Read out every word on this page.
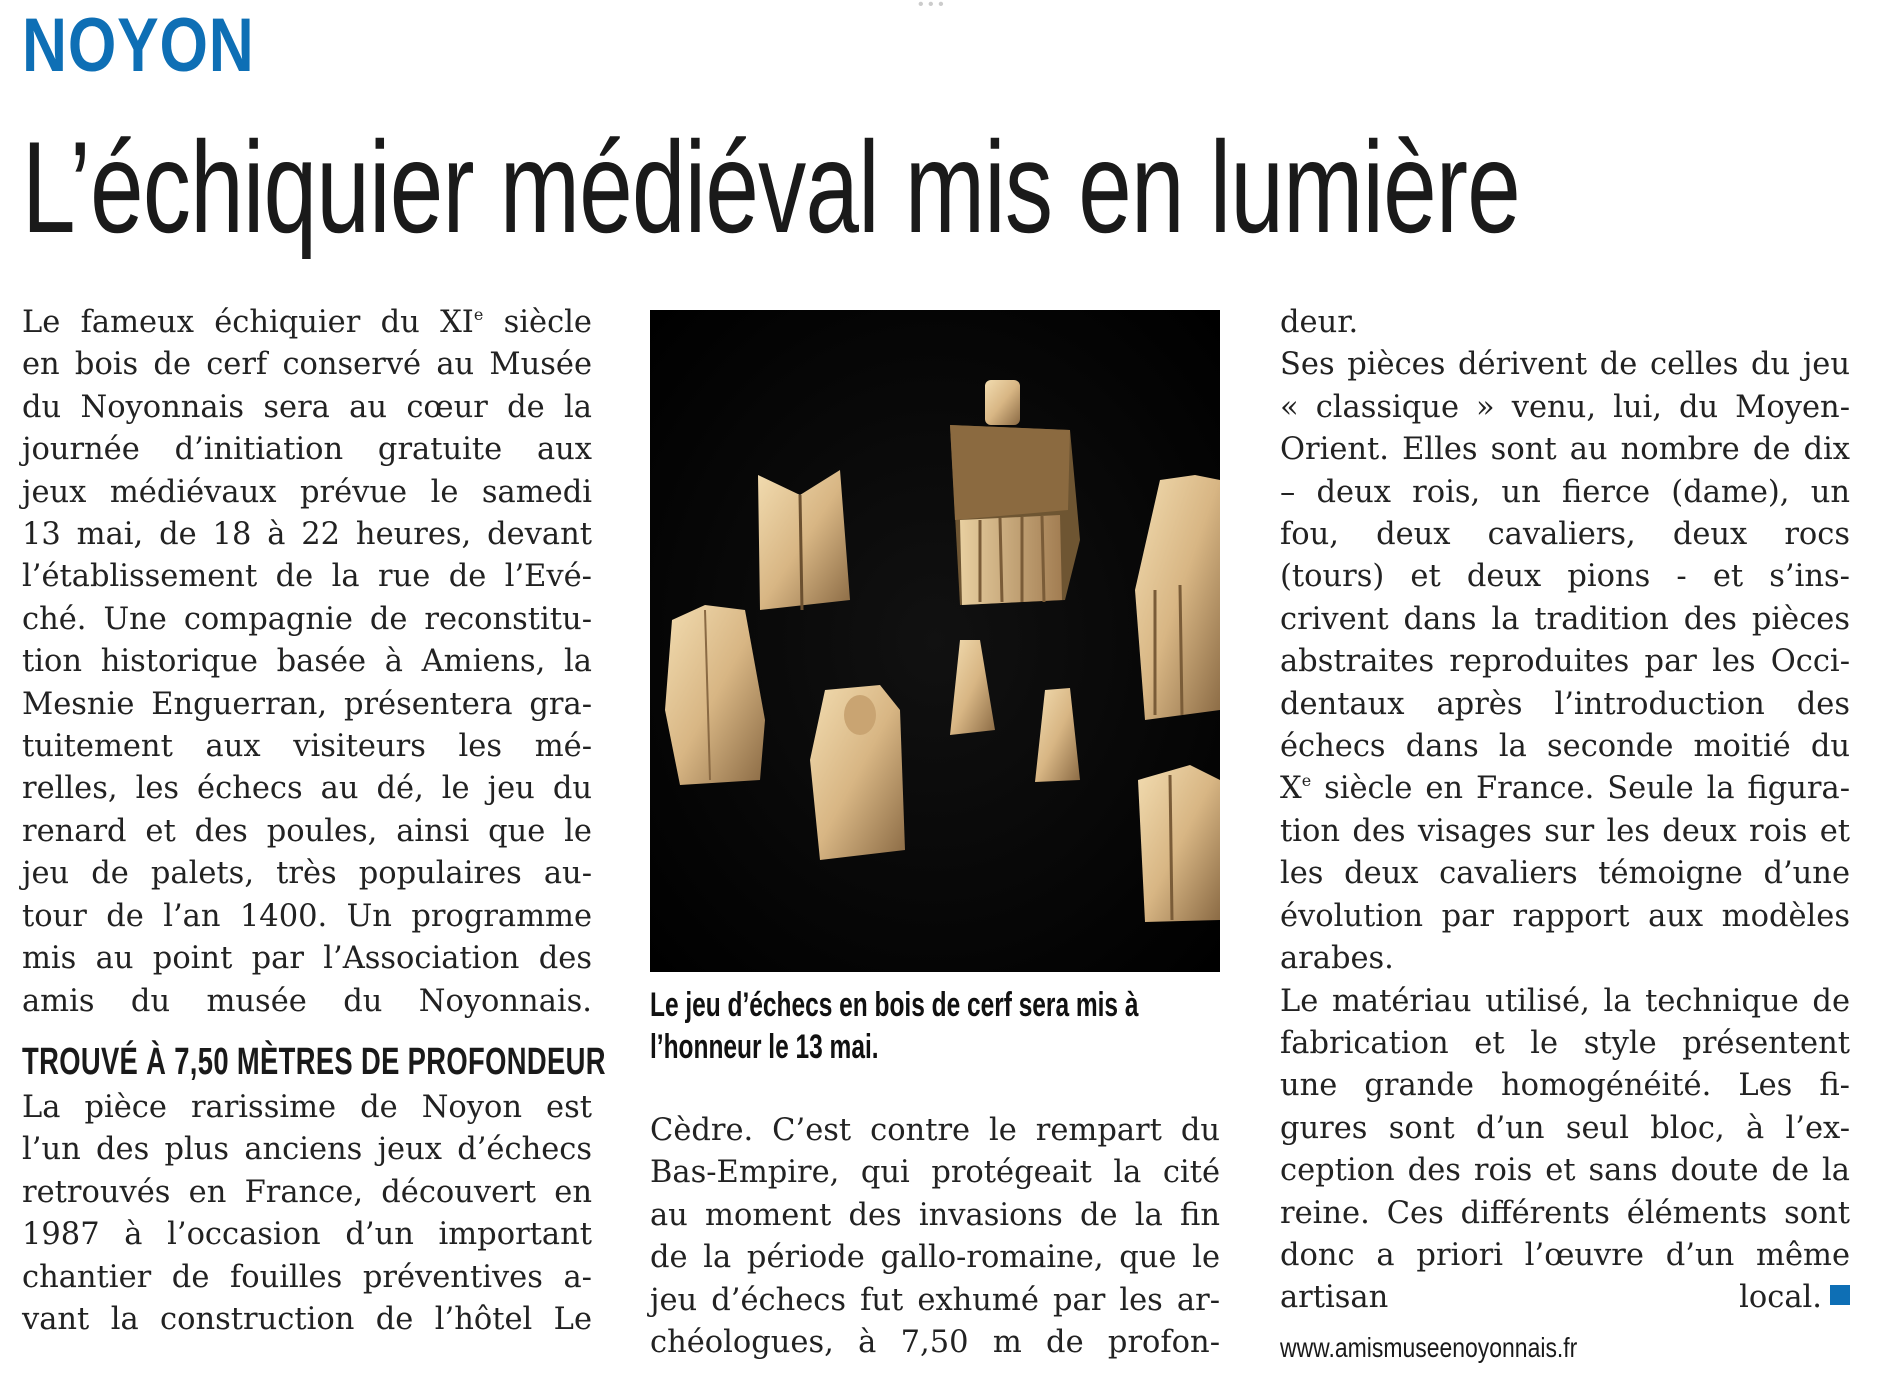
• • •
NOYON
L’échiquier médiéval mis en lumière

Le fameux échiquier du XIe siècle
en bois de cerf conservé au Musée
du Noyonnais sera au cœur de la
journée d’initiation gratuite aux
jeux médiévaux prévue le samedi
13 mai, de 18 à 22 heures, devant
l’établissement de la rue de l’Evé-
ché. Une compagnie de reconstitu-
tion historique basée à Amiens, la
Mesnie Enguerran, présentera gra-
tuitement aux visiteurs les mé-
relles, les échecs au dé, le jeu du
renard et des poules, ainsi que le
jeu de palets, très populaires au-
tour de l’an 1400. Un programme
mis au point par l’Association des
amis du musée du Noyonnais.

TROUVÉ À 7,50 MÈTRES DE PROFONDEUR

La pièce rarissime de Noyon est
l’un des plus anciens jeux d’échecs
retrouvés en France, découvert en
1987 à l’occasion d’un important
chantier de fouilles préventives a-
vant la construction de l’hôtel Le

Le jeu d’échecs en bois de cerf sera mis à
l’honneur le 13 mai.

Cèdre. C’est contre le rempart du
Bas-Empire, qui protégeait la cité
au moment des invasions de la fin
de la période gallo-romaine, que le
jeu d’échecs fut exhumé par les ar-
chéologues, à 7,50 m de profon-

deur.

Ses pièces dérivent de celles du jeu
« classique » venu, lui, du Moyen-
Orient. Elles sont au nombre de dix
– deux rois, un fierce (dame), un
fou, deux cavaliers, deux rocs
(tours) et deux pions - et s’ins-
crivent dans la tradition des pièces
abstraites reproduites par les Occi-
dentaux après l’introduction des
échecs dans la seconde moitié du
Xe siècle en France. Seule la figura-
tion des visages sur les deux rois et
les deux cavaliers témoigne d’une
évolution par rapport aux modèles
arabes.

Le matériau utilisé, la technique de
fabrication et le style présentent
une grande homogénéité. Les fi-
gures sont d’un seul bloc, à l’ex-
ception des rois et sans doute de la
reine. Ces différents éléments sont
donc a priori l’œuvre d’un même
artisan local.

www.amismuseenoyonnais.fr
